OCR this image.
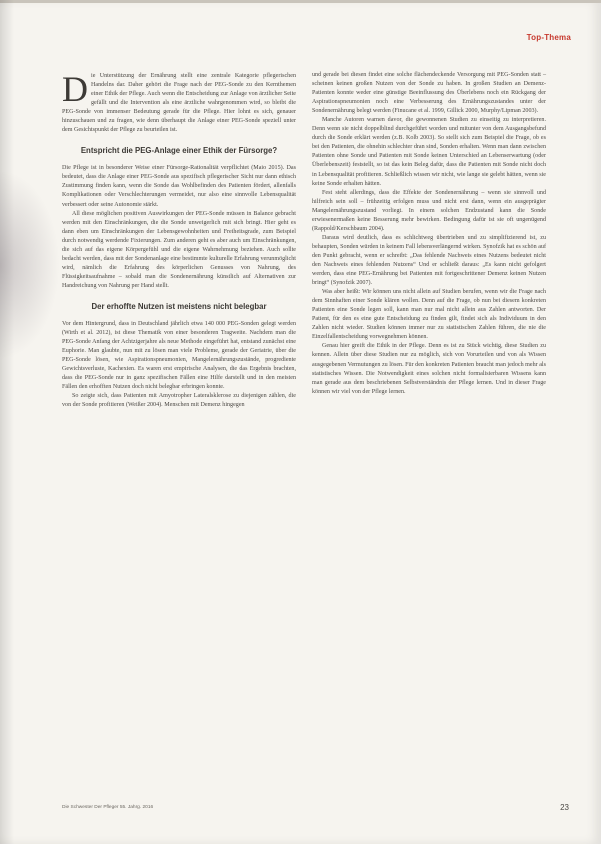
Top-Thema

Die Unterstützung der Ernährung stellt eine zentrale Kategorie pflegerischen Handelns dar. Daher gehört die Frage nach der PEG-Sonde zu den Kernthemen einer Ethik der Pflege. Auch wenn die Entscheidung zur Anlage von ärztlicher Seite gefällt und die Intervention als eine ärztliche wahrgenommen wird, so bleibt die PEG-Sonde von immenser Bedeutung gerade für die Pflege. Hier lohnt es sich, genauer hinzuschauen und zu fragen, wie denn überhaupt die Anlage einer PEG-Sonde speziell unter dem Gesichtspunkt der Pflege zu beurteilen ist.

Entspricht die PEG-Anlage einer Ethik der Fürsorge?

Die Pflege ist in besonderer Weise einer Fürsorge-Rationalität verpflichtet (Maio 2015). Das bedeutet, dass die Anlage einer PEG-Sonde aus spezifisch pflegerischer Sicht nur dann ethisch Zustimmung finden kann, wenn die Sonde das Wohlbefinden des Patienten fördert, allenfalls Komplikationen oder Verschlechterungen vermeidet, nur also eine sinnvolle Lebensqualität verbessert oder seine Autonomie stärkt.

All diese möglichen positiven Auswirkungen der PEG-Sonde müssen in Balance gebracht werden mit den Einschränkungen, die die Sonde unweigerlich mit sich bringt. Hier geht es dann eben um Einschränkungen der Lebensgewohnheiten und Freiheitsgrade, zum Beispiel durch notwendig werdende Fixierungen. Zum anderen geht es aber auch um Einschränkungen, die sich auf das eigene Körpergefühl und die eigene Wahrnehmung beziehen. Auch sollte bedacht werden, dass mit der Sondenanlage eine bestimmte kulturelle Erfahrung verunmöglicht wird, nämlich die Erfahrung des körperlichen Genusses von Nahrung, des Flüssigkeitsaufnahme – sobald man die Sondenernährung künstlich auf Alternativen zur Handreichung von Nahrung per Hand stellt.

Der erhoffte Nutzen ist meistens nicht belegbar

Vor dem Hintergrund, dass in Deutschland jährlich etwa 140 000 PEG-Sonden gelegt werden (Wirth et al. 2012), ist diese Thematik von einer besonderen Tragweite. Nachdem man die PEG-Sonde Anfang der Achtzigerjahre als neue Methode eingeführt hat, entstand zunächst eine Euphorie. Man glaubte, nun mit zu lösen man viele Probleme, gerade der Geriatrie, über die PEG-Sonde lösen, wie Aspirationspneumonien, Mangelernährungszustände, progrediente Gewichtsverluste, Kachexien. Es waren erst empirische Analysen, die das Ergebnis brachten, dass die PEG-Sonde nur in ganz spezifischen Fällen eine Hilfe darstellt und in den meisten Fällen den erhofften Nutzen doch nicht belegbar erbringen konnte.

So zeigte sich, dass Patienten mit Amyotropher Lateralsklerose zu diejenigen zählen, die von der Sonde profitieren (Weißer 2004). Menschen mit Demenz hingegen

und gerade bei diesen findet eine solche flächendeckende Versorgung mit PEG-Sonden statt – scheinen keinen großen Nutzen von der Sonde zu haben. In großen Studien an Demenz-Patienten konnte weder eine günstige Beeinflussung des Überlebens noch ein Rückgang der Aspirationspneumonien noch eine Verbesserung des Ernährungszustandes unter der Sondenernährung belegt werden (Finucane et al. 1999, Gillick 2000, Murphy/Lipman 2003).

Manche Autoren warnen davor, die gewonnenen Studien zu einseitig zu interpretieren. Denn wenn sie nicht doppelblind durchgeführt worden und mitunter von dem Ausgangsbefund durch die Sonde erklärt werden (z.B. Kolb 2003). So stellt sich zum Beispiel die Frage, ob es bei den Patienten, die ohnehin schlechter dran sind, Sonden erhalten. Wenn man dann zwischen Patienten ohne Sonde und Patienten mit Sonde keinen Unterschied an Lebenserwartung (oder Überlebenszeit) feststellt, so ist das kein Beleg dafür, dass die Patienten mit Sonde nicht doch in Lebensqualität profitieren. Schließlich wissen wir nicht, wie lange sie gelebt hätten, wenn sie keine Sonde erhalten hätten.

Fest steht allerdings, dass die Effekte der Sondenernährung – wenn sie sinnvoll und hilfreich sein soll – frühzeitig erfolgen muss und nicht erst dann, wenn ein ausgeprägter Mangelernährungszustand vorliegt. In einem solchen Endzustand kann die Sonde erwiesenermaßen keine Besserung mehr bewirken. Bedingung dafür ist sie oft ungenügend (Rappold/Kerschbaum 2004).

Daraus wird deutlich, dass es schlichtweg übertrieben und zu simplifizierend ist, zu behaupten, Sonden würden in keinem Fall lebensverlängernd wirken. Synofzik hat es schön auf den Punkt gebracht, wenn er schreibt: „Das fehlende Nachweis eines Nutzens bedeutet nicht den Nachweis eines fehlenden Nutzens“ Und er schließt daraus: „Es kann nicht gefolgert werden, dass eine PEG-Ernährung bei Patienten mit fortgeschrittener Demenz keinen Nutzen bringt“ (Synofzik 2007).

Was aber heißt: Wir können uns nicht allein auf Studien berufen, wenn wir die Frage nach dem Sinnhaften einer Sonde klären wollen. Denn auf die Frage, ob nun bei diesem konkreten Patienten eine Sonde legen soll, kann man nur mal nicht allein aus Zahlen antworten. Der Patient, für den es eine gute Entscheidung zu finden gilt, findet sich als Individuum in den Zahlen nicht wieder. Studien können immer nur zu statistischen Zahlen führen, die nie die Einzelfallentscheidung vorwegnehmen können.

Genau hier greift die Ethik in der Pflege. Denn es ist zu Stück wichtig, diese Studien zu kennen. Allein über diese Studien nur zu möglich, sich von Vorurteilen und von als Wissen ausgegebenen Vermutungen zu lösen. Für den konkreten Patienten braucht man jedoch mehr als statistisches Wissen. Die Notwendigkeit eines solchen nicht formalisierbaren Wissens kann man gerade aus dem beschriebenen Selbstverständnis der Pflege lernen. Und in dieser Frage können wir viel von der Pflege lernen.

Die Schwester Der Pfleger 55. Jahrg. 2016	23
